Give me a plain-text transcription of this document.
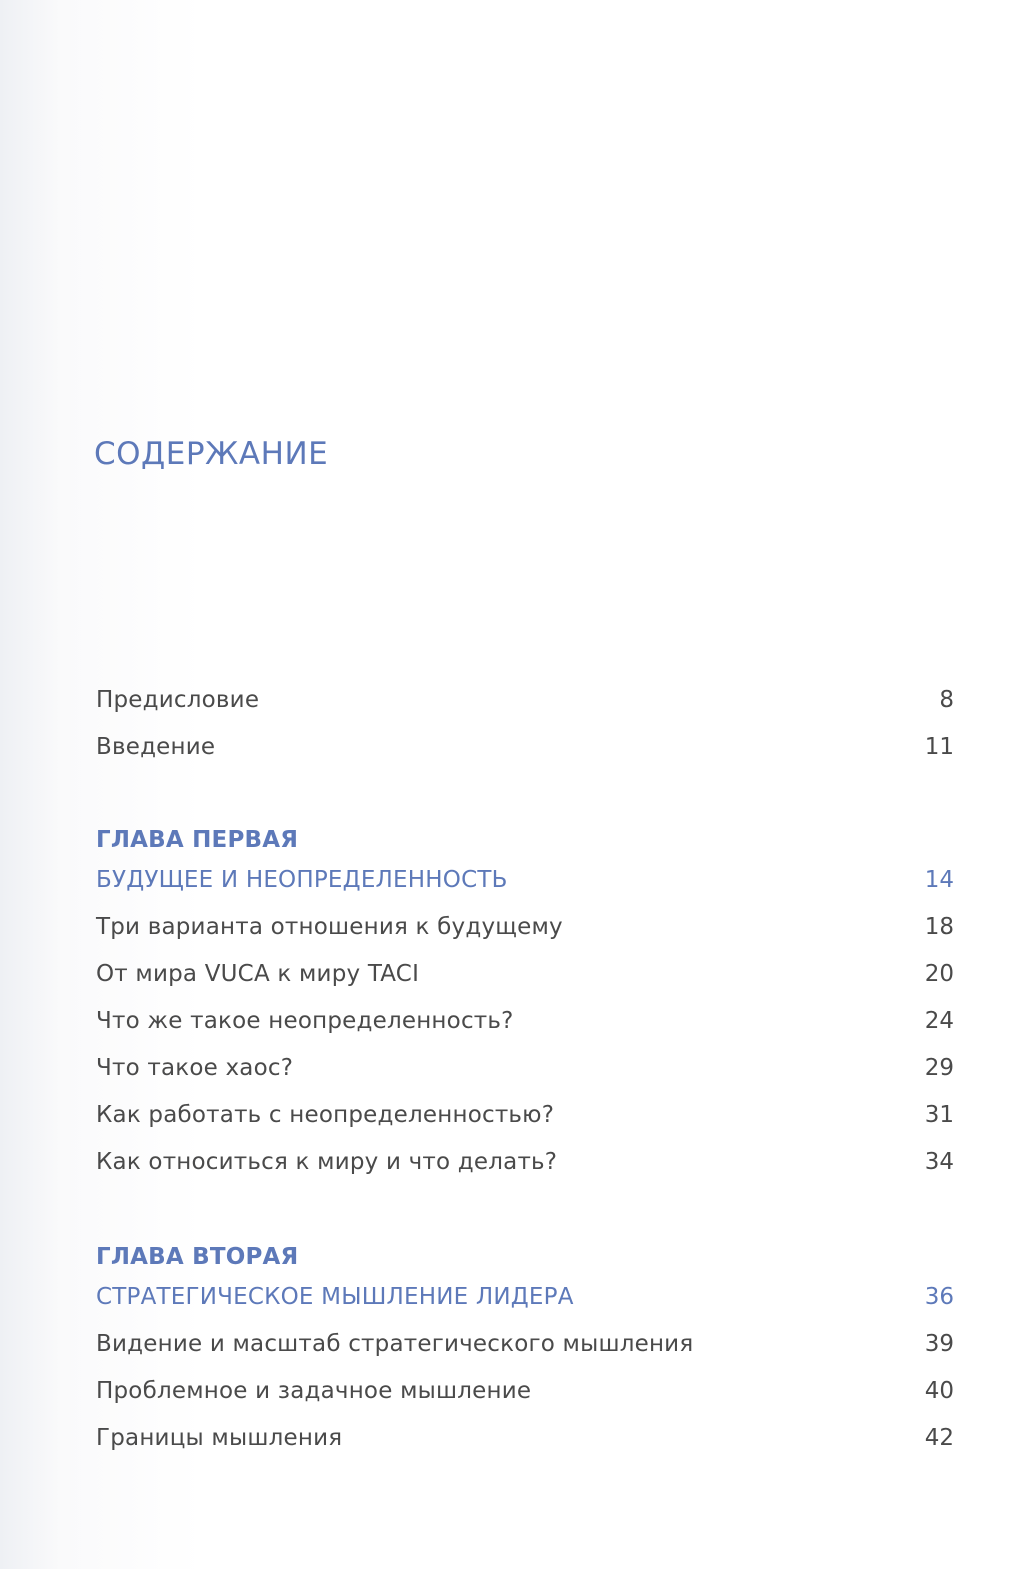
СОДЕРЖАНИЕ
Предисловие	8
Введение	11
ГЛАВА ПЕРВАЯ
БУДУЩЕЕ И НЕОПРЕДЕЛЕННОСТЬ	14
Три варианта отношения к будущему	18
От мира VUCA к миру TACI	20
Что же такое неопределенность?	24
Что такое хаос?	29
Как работать с неопределенностью?	31
Как относиться к миру и что делать?	34
ГЛАВА ВТОРАЯ
СТРАТЕГИЧЕСКОЕ МЫШЛЕНИЕ ЛИДЕРА	36
Видение и масштаб стратегического мышления	39
Проблемное и задачное мышление	40
Границы мышления	42
